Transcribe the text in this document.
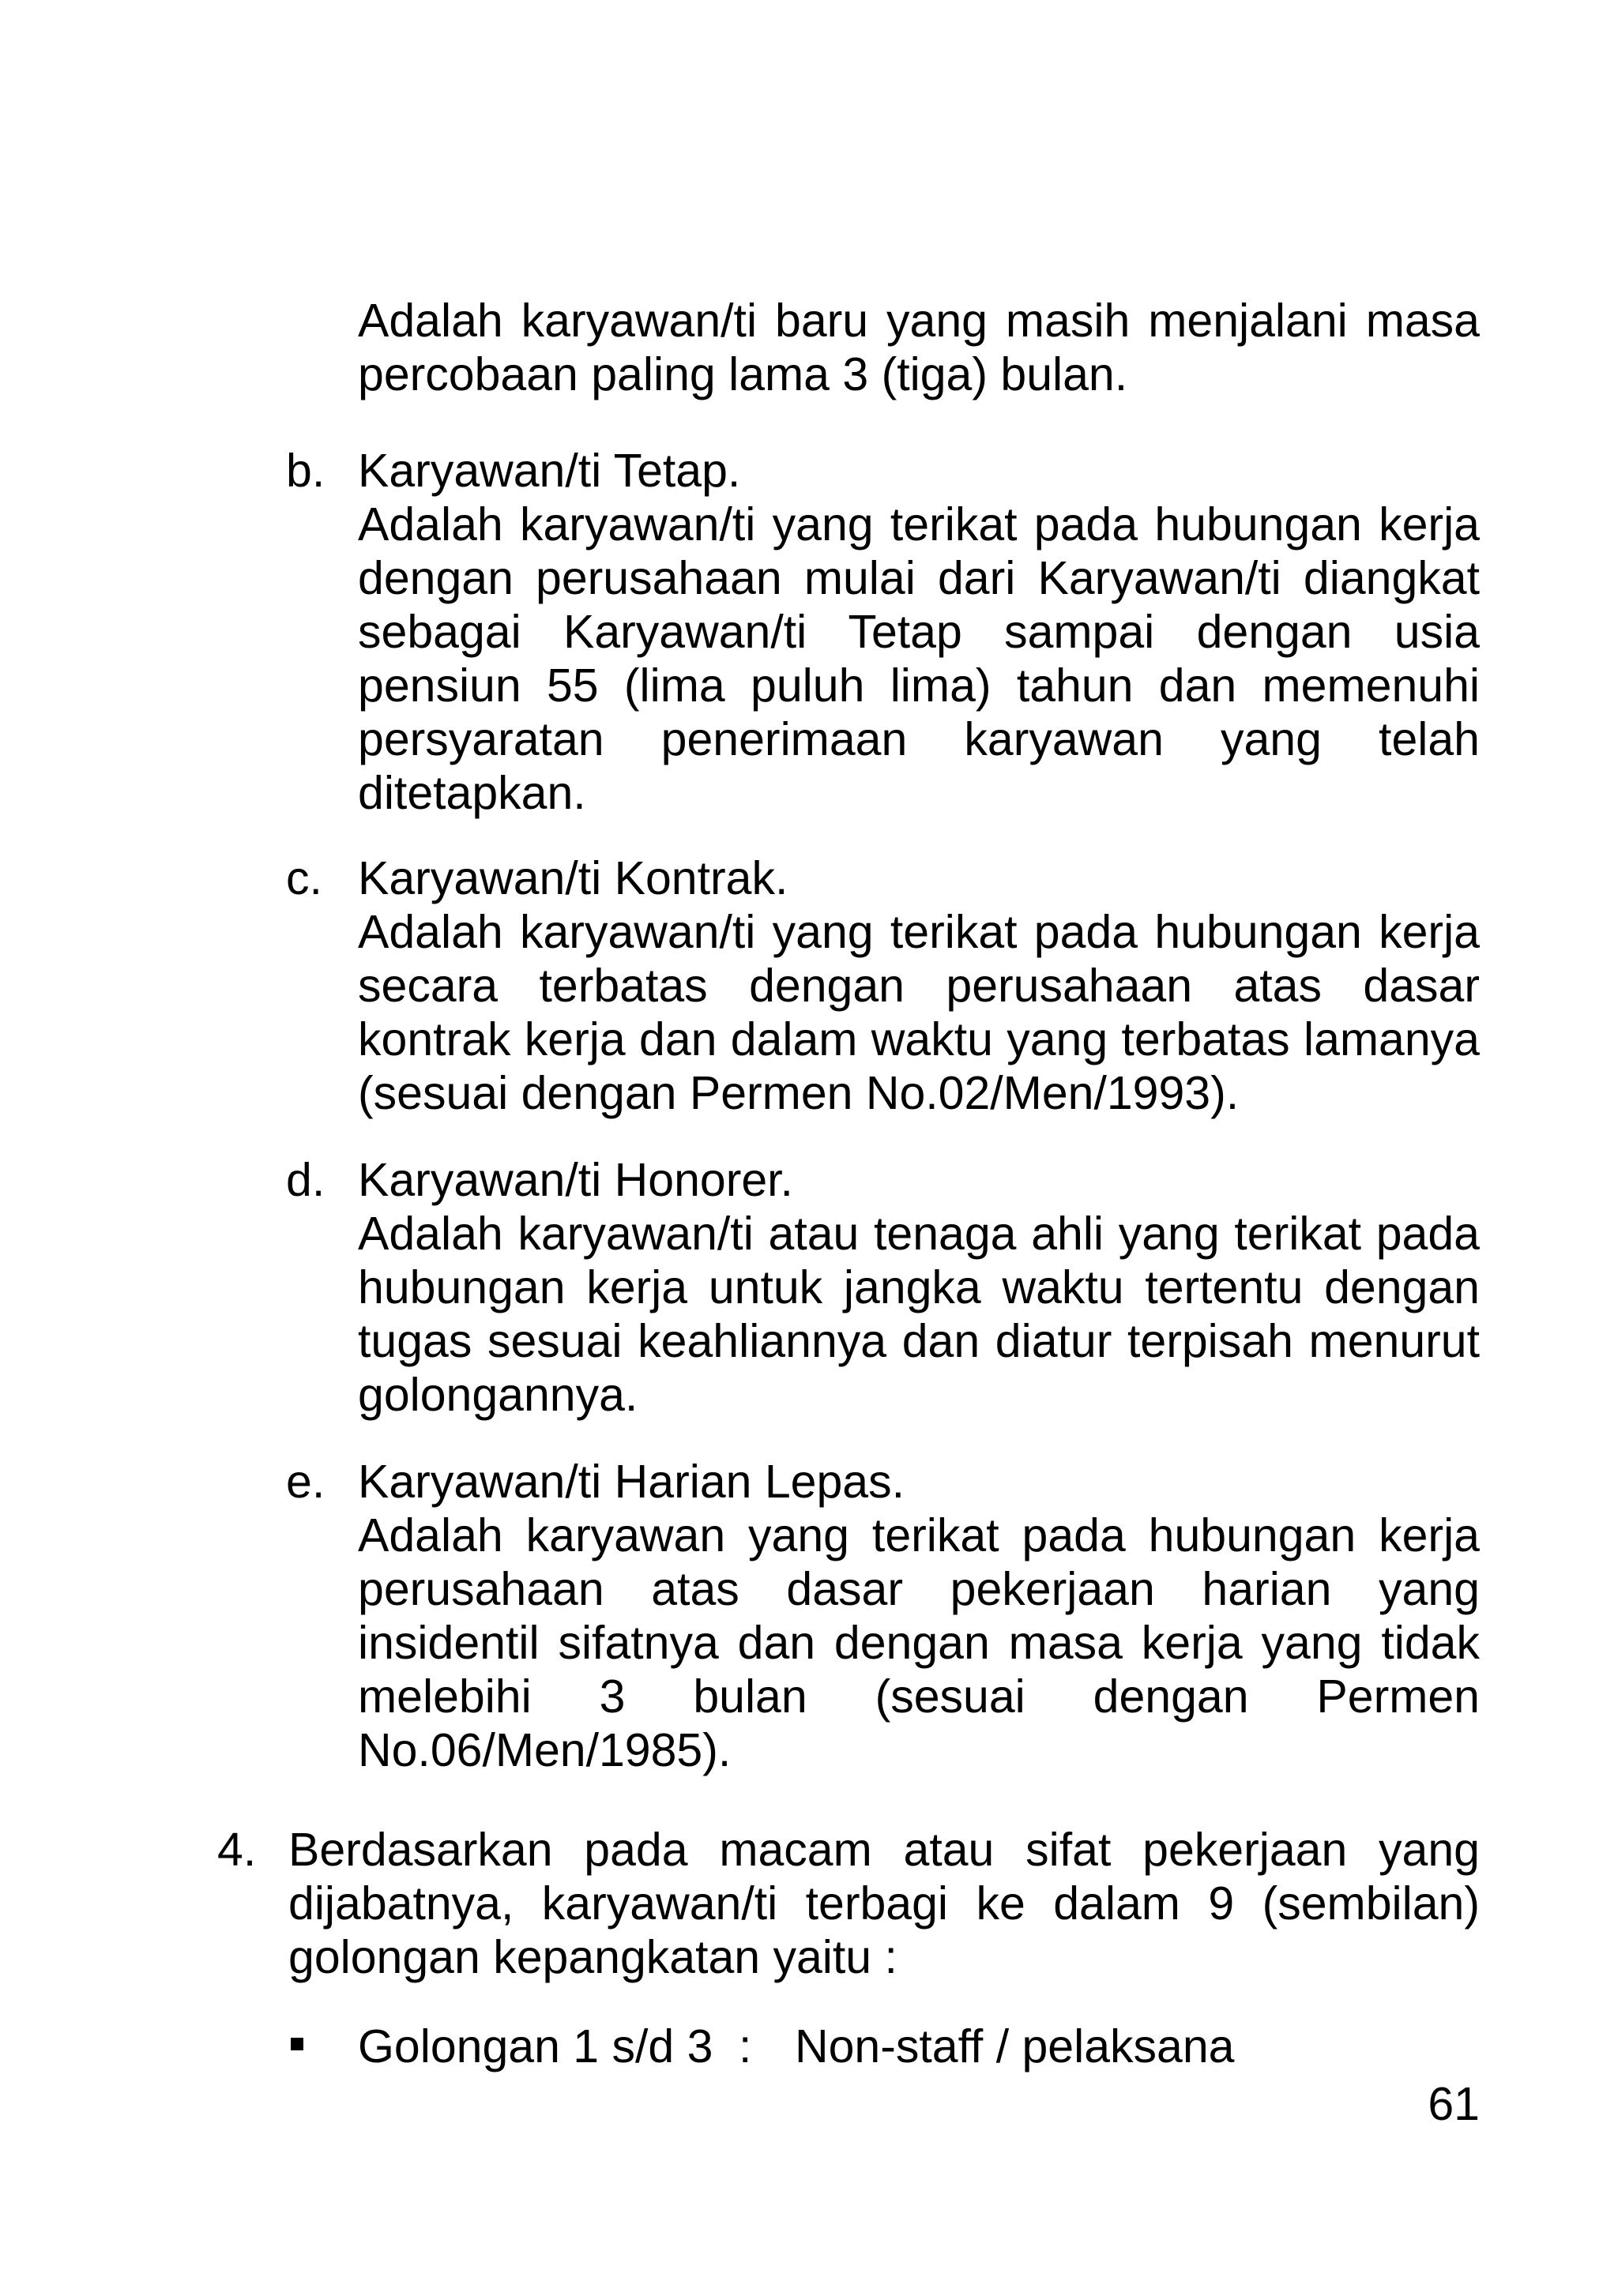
Adalah karyawan/ti baru yang masih menjalani masa percobaan paling lama 3 (tiga) bulan.

b. Karyawan/ti Tetap.

Adalah karyawan/ti yang terikat pada hubungan kerja dengan perusahaan mulai dari Karyawan/ti diangkat sebagai Karyawan/ti Tetap sampai dengan usia pensiun 55 (lima puluh lima) tahun dan memenuhi persyaratan penerimaan karyawan yang telah ditetapkan.

c. Karyawan/ti Kontrak.

Adalah karyawan/ti yang terikat pada hubungan kerja secara terbatas dengan perusahaan atas dasar kontrak kerja dan dalam waktu yang terbatas lamanya (sesuai dengan Permen No.02/Men/1993).

d. Karyawan/ti Honorer.

Adalah karyawan/ti atau tenaga ahli yang terikat pada hubungan kerja untuk jangka waktu tertentu dengan tugas sesuai keahliannya dan diatur terpisah menurut golongannya.

e. Karyawan/ti Harian Lepas.

Adalah karyawan yang terikat pada hubungan kerja perusahaan atas dasar pekerjaan harian yang insidentil sifatnya dan dengan masa kerja yang tidak melebihi 3 bulan (sesuai dengan Permen No.06/Men/1985).

4. Berdasarkan pada macam atau sifat pekerjaan yang dijabatnya, karyawan/ti terbagi ke dalam 9 (sembilan) golongan kepangkatan yaitu :

Golongan 1 s/d 3 : Non-staff / pelaksana

61
